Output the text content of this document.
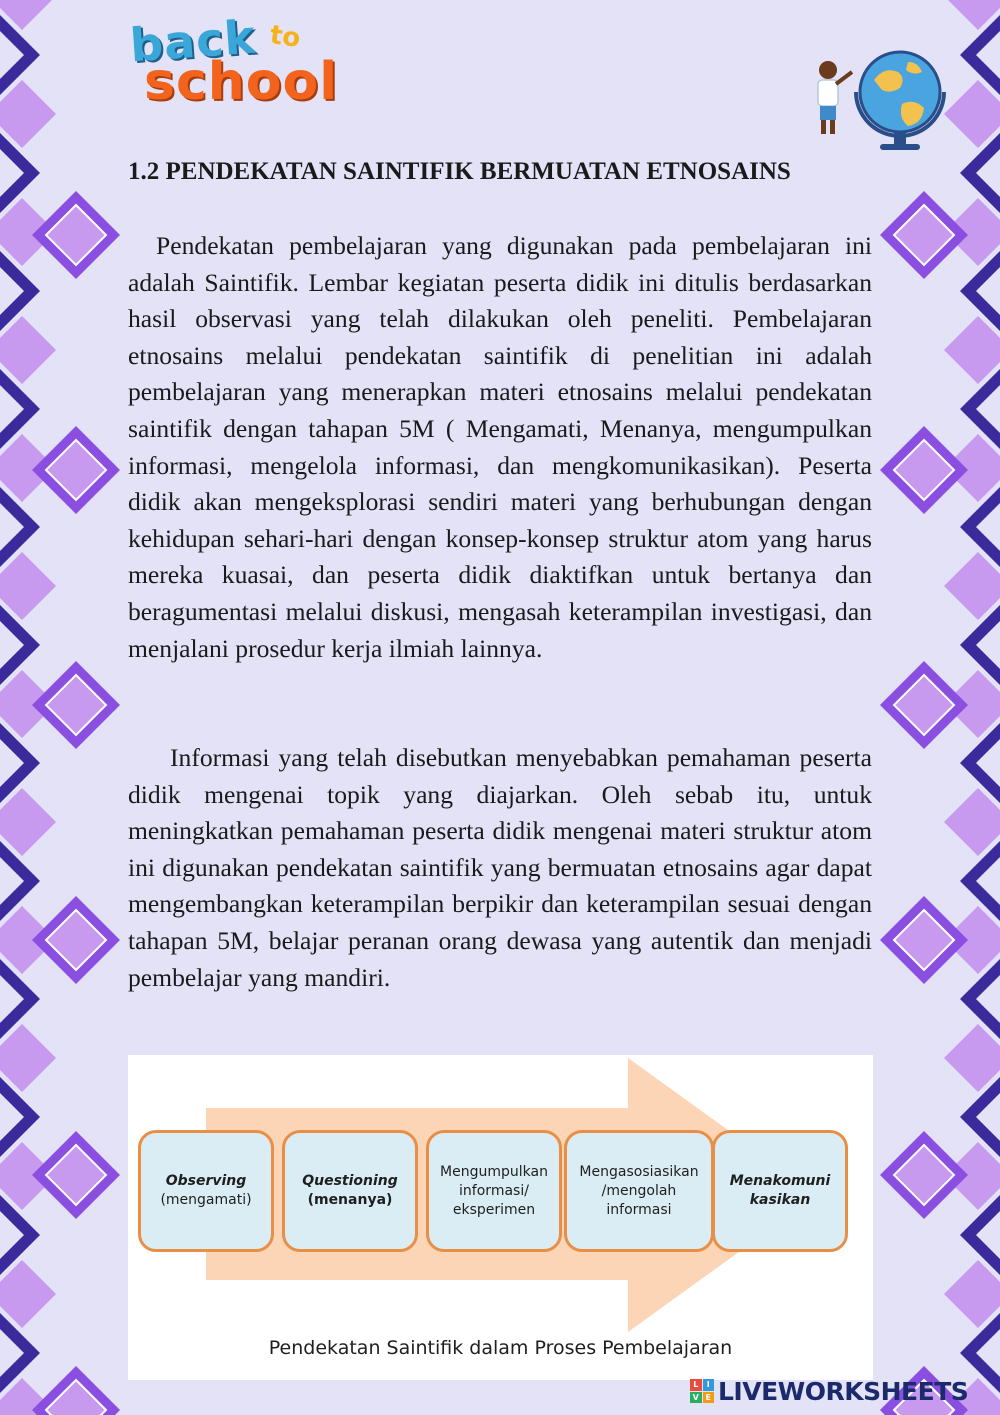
back to
school
1.2 PENDEKATAN SAINTIFIK BERMUATAN ETNOSAINS

Pendekatan pembelajaran yang digunakan pada pembelajaran ini adalah Saintifik. Lembar kegiatan peserta didik ini ditulis berdasarkan hasil observasi yang telah dilakukan oleh peneliti. Pembelajaran etnosains melalui pendekatan saintifik di penelitian ini adalah pembelajaran yang menerapkan materi etnosains melalui pendekatan saintifik dengan tahapan 5M ( Mengamati, Menanya, mengumpulkan informasi, mengelola informasi, dan mengkomunikasikan). Peserta didik akan mengeksplorasi sendiri materi yang berhubungan dengan kehidupan sehari-hari dengan konsep-konsep struktur atom yang harus mereka kuasai, dan peserta didik diaktifkan untuk bertanya dan beragumentasi melalui diskusi, mengasah keterampilan investigasi, dan menjalani prosedur kerja ilmiah lainnya.

Informasi yang telah disebutkan menyebabkan pemahaman peserta didik mengenai topik yang diajarkan. Oleh sebab itu, untuk meningkatkan pemahaman peserta didik mengenai materi struktur atom ini digunakan pendekatan saintifik yang bermuatan etnosains agar dapat mengembangkan keterampilan berpikir dan keterampilan sesuai dengan tahapan 5M, belajar peranan orang dewasa yang autentik dan menjadi pembelajar yang mandiri.

Observing
(mengamati)
Questioning
(menanya)
Mengumpulkan
informasi/
eksperimen
Mengasosiasikan
/mengolah
informasi
Menakomuni
kasikan
Pendekatan Saintifik dalam Proses Pembelajaran
L	I
V E LIVEWORKSHEETS
